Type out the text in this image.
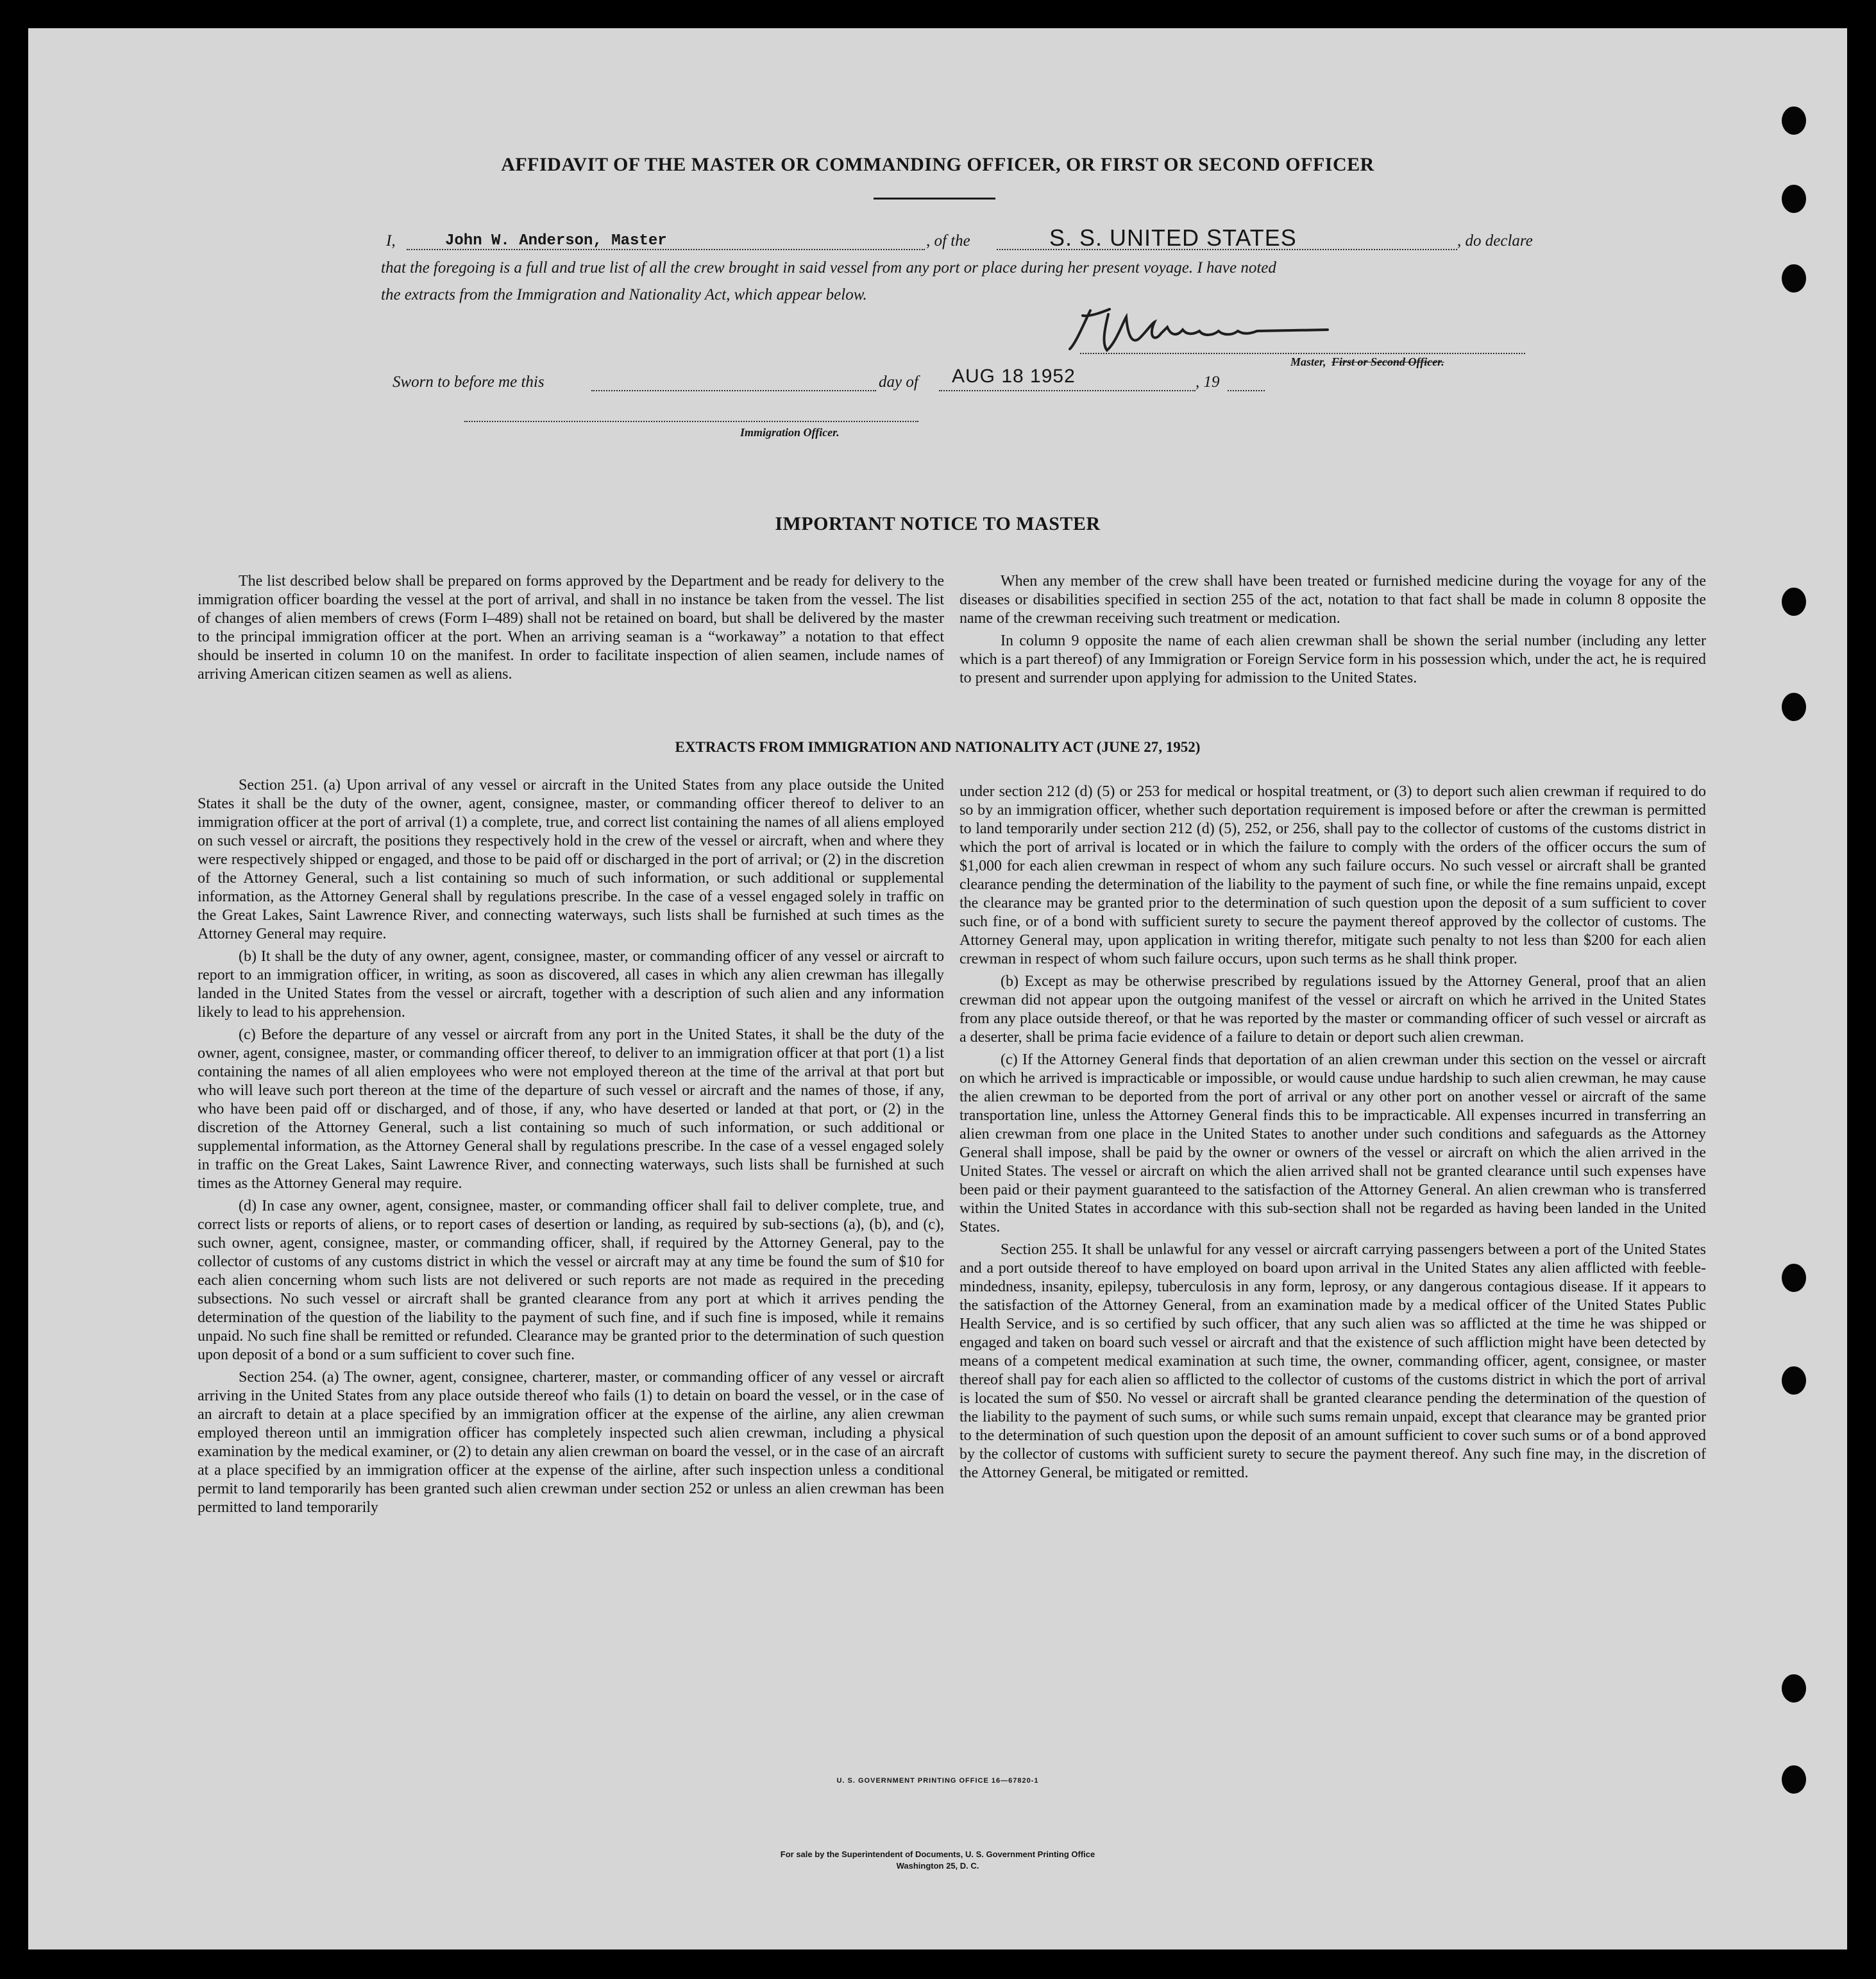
AFFIDAVIT OF THE MASTER OR COMMANDING OFFICER, OR FIRST OR SECOND OFFICER
I,	John W. Anderson, Master	, of the	S. S. UNITED STATES	, do declare
that the foregoing is a full and true list of all the crew brought in said vessel from any port or place during her present voyage. I have noted
the extracts from the Immigration and Nationality Act, which appear below.
Master, First or Second Officer.
Sworn to before me this	day of AUG 18 1952	, 19
Immigration Officer.
IMPORTANT NOTICE TO MASTER

The list described below shall be prepared on forms approved by the Department and be ready for delivery to the immigration officer boarding the vessel at the port of arrival, and shall in no instance be taken from the vessel. The list of changes of alien members of crews (Form I–489) shall not be retained on board, but shall be delivered by the master to the principal immigration officer at the port. When an arriving seaman is a “workaway” a notation to that effect should be inserted in column 10 on the manifest. In order to facilitate inspection of alien seamen, include names of arriving American citizen seamen as well as aliens.

When any member of the crew shall have been treated or furnished medicine during the voyage for any of the diseases or disabilities specified in section 255 of the act, notation to that fact shall be made in column 8 opposite the name of the crewman receiving such treatment or medication.

In column 9 opposite the name of each alien crewman shall be shown the serial number (including any letter which is a part thereof) of any Immigration or Foreign Service form in his possession which, under the act, he is required to present and surrender upon applying for admission to the United States.

EXTRACTS FROM IMMIGRATION AND NATIONALITY ACT (JUNE 27, 1952)

Section 251. (a) Upon arrival of any vessel or aircraft in the United States from any place outside the United States it shall be the duty of the owner, agent, consignee, master, or commanding officer thereof to deliver to an immigration officer at the port of arrival (1) a complete, true, and correct list containing the names of all aliens employed on such vessel or aircraft, the positions they respectively hold in the crew of the vessel or aircraft, when and where they were respectively shipped or engaged, and those to be paid off or discharged in the port of arrival; or (2) in the discretion of the Attorney General, such a list containing so much of such information, or such additional or supplemental information, as the Attorney General shall by regulations prescribe. In the case of a vessel engaged solely in traffic on the Great Lakes, Saint Lawrence River, and connecting waterways, such lists shall be furnished at such times as the Attorney General may require.

(b) It shall be the duty of any owner, agent, consignee, master, or commanding officer of any vessel or aircraft to report to an immigration officer, in writing, as soon as discovered, all cases in which any alien crewman has illegally landed in the United States from the vessel or aircraft, together with a description of such alien and any information likely to lead to his apprehension.

(c) Before the departure of any vessel or aircraft from any port in the United States, it shall be the duty of the owner, agent, consignee, master, or commanding officer thereof, to deliver to an immigration officer at that port (1) a list containing the names of all alien employees who were not employed thereon at the time of the arrival at that port but who will leave such port thereon at the time of the departure of such vessel or aircraft and the names of those, if any, who have been paid off or discharged, and of those, if any, who have deserted or landed at that port, or (2) in the discretion of the Attorney General, such a list containing so much of such information, or such additional or supplemental information, as the Attorney General shall by regulations prescribe. In the case of a vessel engaged solely in traffic on the Great Lakes, Saint Lawrence River, and connecting waterways, such lists shall be furnished at such times as the Attorney General may require.

(d) In case any owner, agent, consignee, master, or commanding officer shall fail to deliver complete, true, and correct lists or reports of aliens, or to report cases of desertion or landing, as required by sub-sections (a), (b), and (c), such owner, agent, consignee, master, or commanding officer, shall, if required by the Attorney General, pay to the collector of customs of any customs district in which the vessel or aircraft may at any time be found the sum of $10 for each alien concerning whom such lists are not delivered or such reports are not made as required in the preceding subsections. No such vessel or aircraft shall be granted clearance from any port at which it arrives pending the determination of the question of the liability to the payment of such fine, and if such fine is imposed, while it remains unpaid. No such fine shall be remitted or refunded. Clearance may be granted prior to the determination of such question upon deposit of a bond or a sum sufficient to cover such fine.

Section 254. (a) The owner, agent, consignee, charterer, master, or commanding officer of any vessel or aircraft arriving in the United States from any place outside thereof who fails (1) to detain on board the vessel, or in the case of an aircraft to detain at a place specified by an immigration officer at the expense of the airline, any alien crewman employed thereon until an immigration officer has completely inspected such alien crewman, including a physical examination by the medical examiner, or (2) to detain any alien crewman on board the vessel, or in the case of an aircraft at a place specified by an immigration officer at the expense of the airline, after such inspection unless a conditional permit to land temporarily has been granted such alien crewman under section 252 or unless an alien crewman has been permitted to land temporarily

under section 212 (d) (5) or 253 for medical or hospital treatment, or (3) to deport such alien crewman if required to do so by an immigration officer, whether such deportation requirement is imposed before or after the crewman is permitted to land temporarily under section 212 (d) (5), 252, or 256, shall pay to the collector of customs of the customs district in which the port of arrival is located or in which the failure to comply with the orders of the officer occurs the sum of $1,000 for each alien crewman in respect of whom any such failure occurs. No such vessel or aircraft shall be granted clearance pending the determination of the liability to the payment of such fine, or while the fine remains unpaid, except the clearance may be granted prior to the determination of such question upon the deposit of a sum sufficient to cover such fine, or of a bond with sufficient surety to secure the payment thereof approved by the collector of customs. The Attorney General may, upon application in writing therefor, mitigate such penalty to not less than $200 for each alien crewman in respect of whom such failure occurs, upon such terms as he shall think proper.

(b) Except as may be otherwise prescribed by regulations issued by the Attorney General, proof that an alien crewman did not appear upon the outgoing manifest of the vessel or aircraft on which he arrived in the United States from any place outside thereof, or that he was reported by the master or commanding officer of such vessel or aircraft as a deserter, shall be prima facie evidence of a failure to detain or deport such alien crewman.

(c) If the Attorney General finds that deportation of an alien crewman under this section on the vessel or aircraft on which he arrived is impracticable or impossible, or would cause undue hardship to such alien crewman, he may cause the alien crewman to be deported from the port of arrival or any other port on another vessel or aircraft of the same transportation line, unless the Attorney General finds this to be impracticable. All expenses incurred in transferring an alien crewman from one place in the United States to another under such conditions and safeguards as the Attorney General shall impose, shall be paid by the owner or owners of the vessel or aircraft on which the alien arrived in the United States. The vessel or aircraft on which the alien arrived shall not be granted clearance until such expenses have been paid or their payment guaranteed to the satisfaction of the Attorney General. An alien crewman who is transferred within the United States in accordance with this sub-section shall not be regarded as having been landed in the United States.

Section 255. It shall be unlawful for any vessel or aircraft carrying passengers between a port of the United States and a port outside thereof to have employed on board upon arrival in the United States any alien afflicted with feeble-mindedness, insanity, epilepsy, tuberculosis in any form, leprosy, or any dangerous contagious disease. If it appears to the satisfaction of the Attorney General, from an examination made by a medical officer of the United States Public Health Service, and is so certified by such officer, that any such alien was so afflicted at the time he was shipped or engaged and taken on board such vessel or aircraft and that the existence of such affliction might have been detected by means of a competent medical examination at such time, the owner, commanding officer, agent, consignee, or master thereof shall pay for each alien so afflicted to the collector of customs of the customs district in which the port of arrival is located the sum of $50. No vessel or aircraft shall be granted clearance pending the determination of the question of the liability to the payment of such sums, or while such sums remain unpaid, except that clearance may be granted prior to the determination of such question upon the deposit of an amount sufficient to cover such sums or of a bond approved by the collector of customs with sufficient surety to secure the payment thereof. Any such fine may, in the discretion of the Attorney General, be mitigated or remitted.

U. S. GOVERNMENT PRINTING OFFICE 16—67820-1
For sale by the Superintendent of Documents, U. S. Government Printing Office
Washington 25, D. C.
